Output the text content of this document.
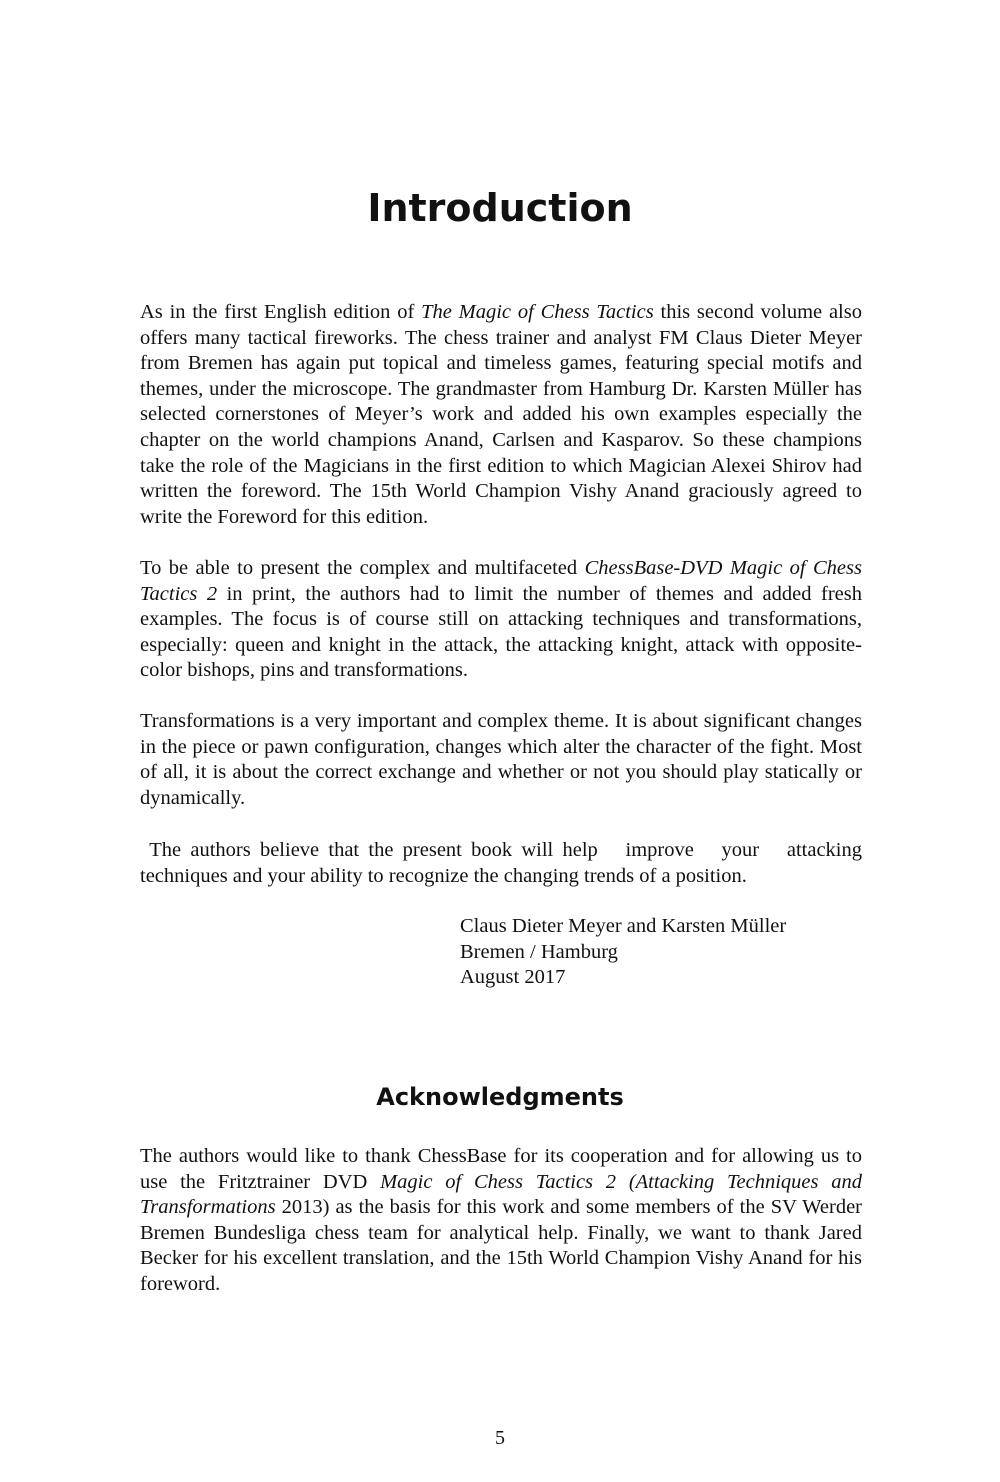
Introduction

As in the first English edition of The Magic of Chess Tactics this second volume also offers many tactical fireworks. The chess trainer and analyst FM Claus Dieter Meyer from Bremen has again put topical and timeless games, featuring special motifs and themes, under the microscope. The grandmaster from Hamburg Dr. Karsten Müller has selected cornerstones of Meyer’s work and added his own examples especially the chapter on the world champions Anand, Carlsen and Kasparov. So these champions take the role of the Magicians in the first edition to which Magician Alexei Shirov had written the foreword. The 15th World Champion Vishy Anand graciously agreed to write the Foreword for this edition.

To be able to present the complex and multifaceted ChessBase-DVD Magic of Chess Tactics 2 in print, the authors had to limit the number of themes and added fresh examples. The focus is of course still on attacking techniques and transformations, especially: queen and knight in the attack, the attacking knight, attack with opposite-color bishops, pins and transformations.

Transformations is a very important and complex theme. It is about significant changes in the piece or pawn configuration, changes which alter the character of the fight. Most of all, it is about the correct exchange and whether or not you should play statically or dynamically.

The authors believe that the present book will help   improve   your   attacking techniques and your ability to recognize the changing trends of a position.

Claus Dieter Meyer and Karsten Müller
Bremen / Hamburg
August 2017
Acknowledgments

The authors would like to thank ChessBase for its cooperation and for allowing us to use the Fritztrainer DVD Magic of Chess Tactics 2 (Attacking Techniques and Transformations 2013) as the basis for this work and some members of the SV Werder Bremen Bundesliga chess team for analytical help. Finally, we want to thank Jared Becker for his excellent translation, and the 15th World Champion Vishy Anand for his foreword.

5
